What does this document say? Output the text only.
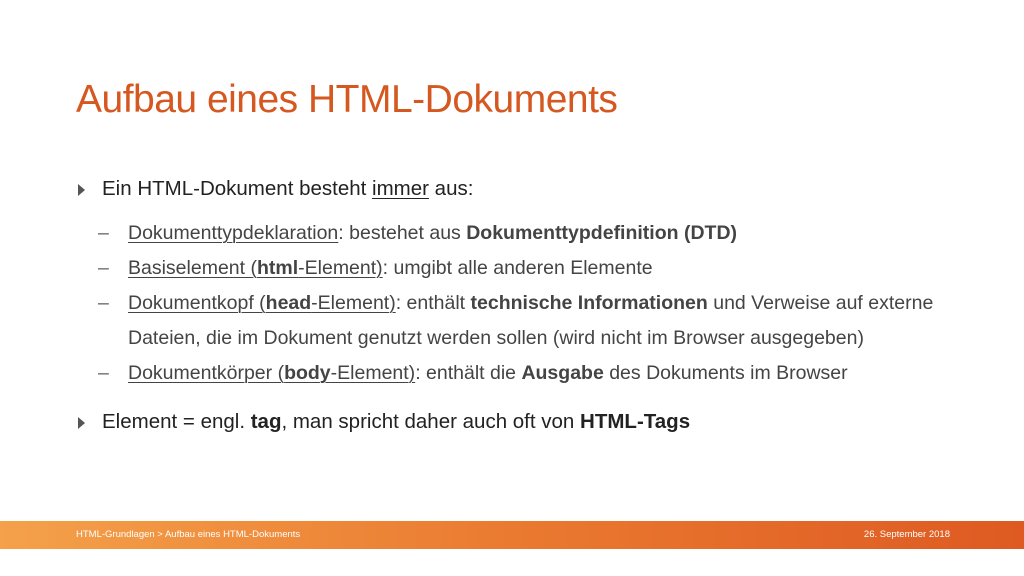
Aufbau eines HTML-Dokuments
Ein HTML-Dokument besteht immer aus:
– Dokumenttypdeklaration: bestehet aus Dokumenttypdefinition (DTD)
– Basiselement (html-Element): umgibt alle anderen Elemente
– Dokumentkopf (head-Element): enthält technische Informationen und Verweise auf externe Dateien, die im Dokument genutzt werden sollen (wird nicht im Browser ausgegeben)
– Dokumentkörper (body-Element): enthält die Ausgabe des Dokuments im Browser
Element = engl. tag, man spricht daher auch oft von HTML-Tags
HTML-Grundlagen > Aufbau eines HTML-Dokuments	26. September 2018
